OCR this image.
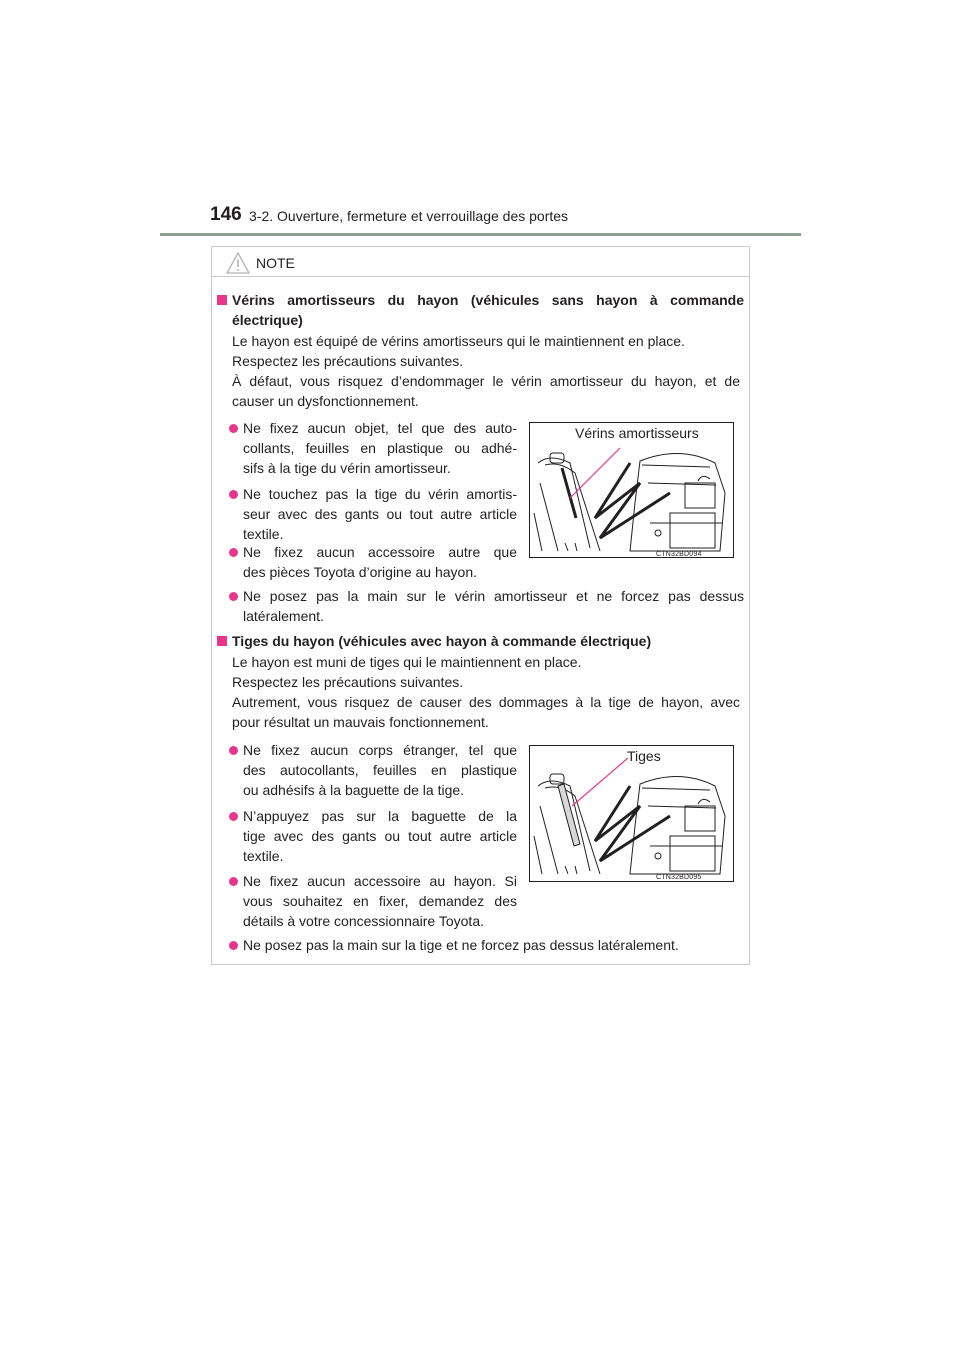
146 3-2. Ouverture, fermeture et verrouillage des portes
NOTE
Vérins amortisseurs du hayon (véhicules sans hayon à commande
électrique)
Le hayon est équipé de vérins amortisseurs qui le maintiennent en place.
Respectez les précautions suivantes.
À défaut, vous risquez d’endommager le vérin amortisseur du hayon, et de
causer un dysfonctionnement.
Ne fixez aucun objet, tel que des auto-
collants, feuilles en plastique ou adhé-
sifs à la tige du vérin amortisseur.
Ne touchez pas la tige du vérin amortis-
seur avec des gants ou tout autre article
textile.
Ne fixez aucun accessoire autre que
des pièces Toyota d’origine au hayon.
Ne posez pas la main sur le vérin amortisseur et ne forcez pas dessus
latéralement.
Vérins amortisseurs
CTN32BD094
Tiges du hayon (véhicules avec hayon à commande électrique)
Le hayon est muni de tiges qui le maintiennent en place.
Respectez les précautions suivantes.
Autrement, vous risquez de causer des dommages à la tige de hayon, avec
pour résultat un mauvais fonctionnement.
Ne fixez aucun corps étranger, tel que
des autocollants, feuilles en plastique
ou adhésifs à la baguette de la tige.
N’appuyez pas sur la baguette de la
tige avec des gants ou tout autre article
textile.
Ne fixez aucun accessoire au hayon. Si
vous souhaitez en fixer, demandez des
détails à votre concessionnaire Toyota.
Ne posez pas la main sur la tige et ne forcez pas dessus latéralement.
Tiges
CTN32BD095
